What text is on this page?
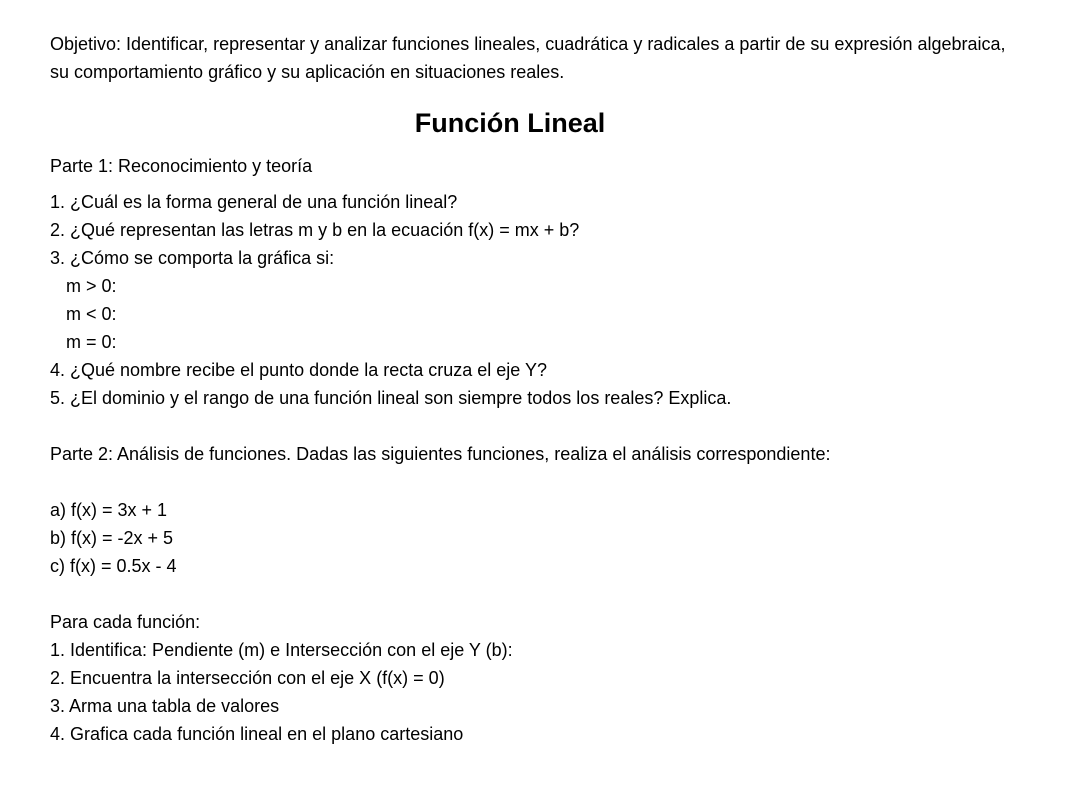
Objetivo: Identificar, representar y analizar funciones lineales, cuadrática y radicales a partir de su expresión algebraica, su comportamiento gráfico y su aplicación en situaciones reales.

Función Lineal

Parte 1: Reconocimiento y teoría

1. ¿Cuál es la forma general de una función lineal?

2. ¿Qué representan las letras m y b en la ecuación f(x) = mx + b?

3. ¿Cómo se comporta la gráfica si:

m > 0:

m < 0:

m = 0:

4. ¿Qué nombre recibe el punto donde la recta cruza el eje Y?

5. ¿El dominio y el rango de una función lineal son siempre todos los reales? Explica.

Parte 2: Análisis de funciones. Dadas las siguientes funciones, realiza el análisis correspondiente:

a) f(x) = 3x + 1

b) f(x) = -2x + 5

c) f(x) = 0.5x - 4

Para cada función:

1. Identifica: Pendiente (m) e Intersección con el eje Y (b):

2. Encuentra la intersección con el eje X (f(x) = 0)

3. Arma una tabla de valores

4. Grafica cada función lineal en el plano cartesiano
